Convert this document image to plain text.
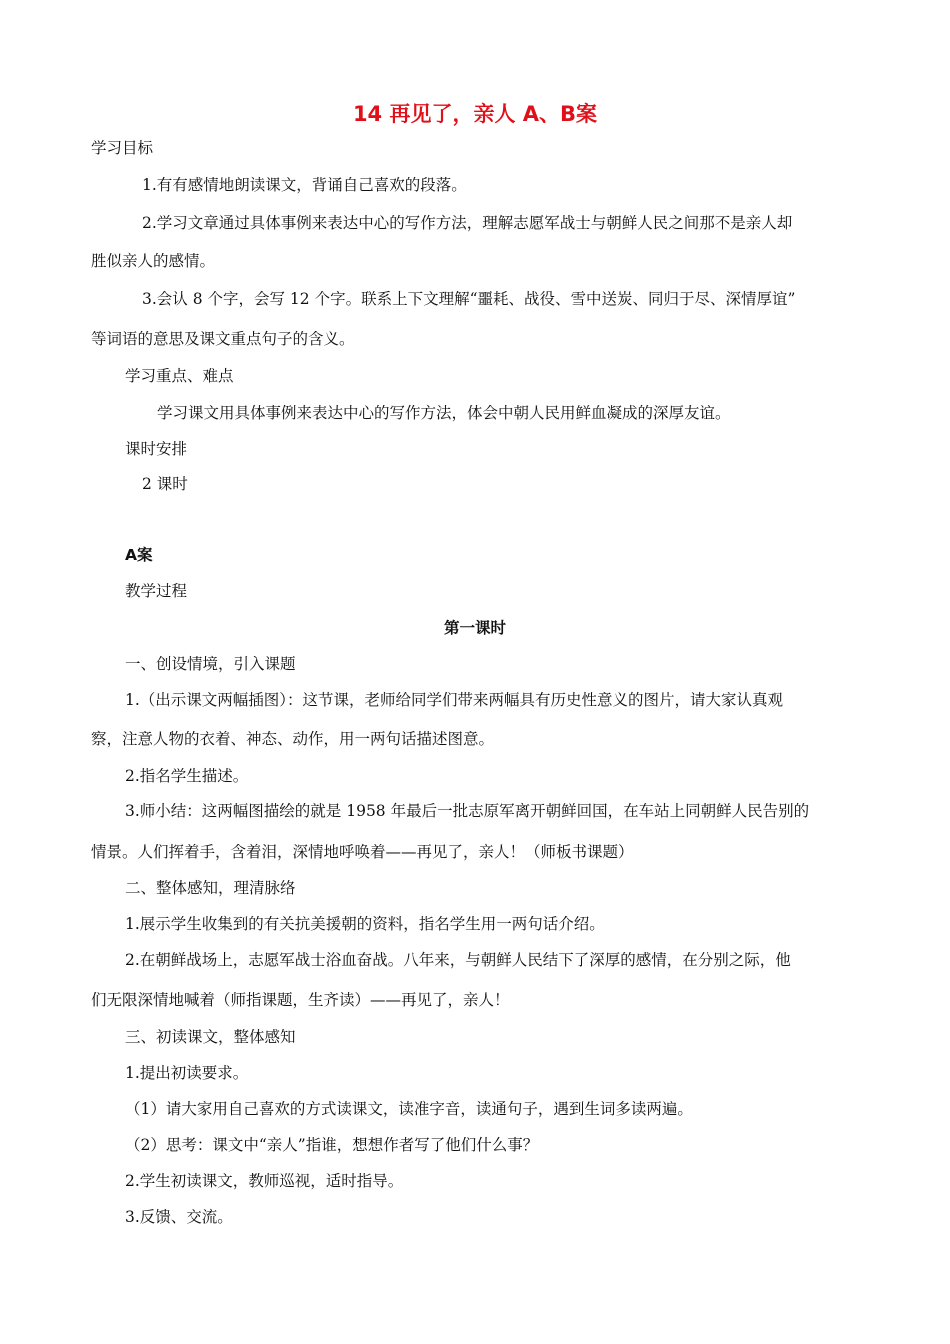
14 再见了，亲人 A、B案
学习目标
1.有有感情地朗读课文，背诵自己喜欢的段落。
2.学习文章通过具体事例来表达中心的写作方法，理解志愿军战士与朝鲜人民之间那不是亲人却
胜似亲人的感情。
3.会认 8 个字，会写 12 个字。联系上下文理解“噩耗、战役、雪中送炭、同归于尽、深情厚谊”
等词语的意思及课文重点句子的含义。
学习重点、难点
学习课文用具体事例来表达中心的写作方法，体会中朝人民用鲜血凝成的深厚友谊。
课时安排
2 课时
A案
教学过程
第一课时
一、创设情境，引入课题
1.（出示课文两幅插图）：这节课，老师给同学们带来两幅具有历史性意义的图片，请大家认真观
察，注意人物的衣着、神态、动作，用一两句话描述图意。
2.指名学生描述。
3.师小结：这两幅图描绘的就是 1958 年最后一批志原军离开朝鲜回国，在车站上同朝鲜人民告别的
情景。人们挥着手，含着泪，深情地呼唤着——再见了，亲人！（师板书课题）
二、整体感知，理清脉络
1.展示学生收集到的有关抗美援朝的资料，指名学生用一两句话介绍。
2.在朝鲜战场上，志愿军战士浴血奋战。八年来，与朝鲜人民结下了深厚的感情，在分别之际，他
们无限深情地喊着（师指课题，生齐读）——再见了，亲人！
三、初读课文，整体感知
1.提出初读要求。
（1）请大家用自己喜欢的方式读课文，读准字音，读通句子，遇到生词多读两遍。
（2）思考：课文中“亲人”指谁，想想作者写了他们什么事？
2.学生初读课文，教师巡视，适时指导。
3.反馈、交流。
